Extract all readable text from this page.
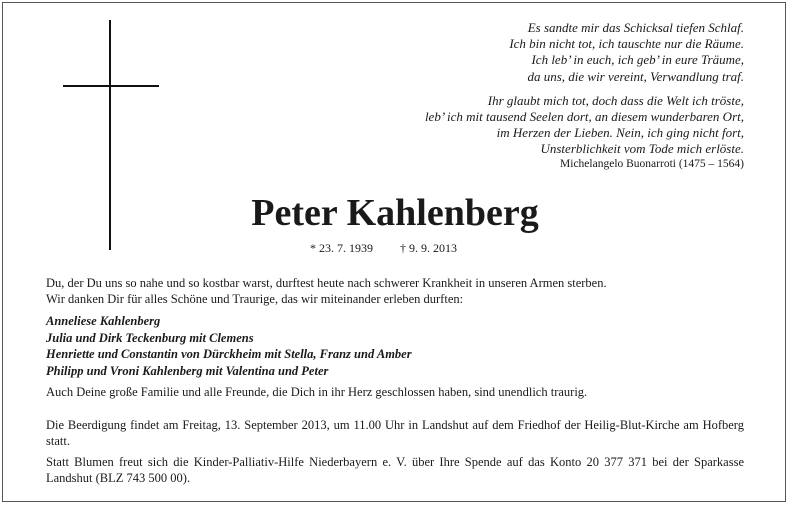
Es sandte mir das Schicksal tiefen Schlaf.
Ich bin nicht tot, ich tauschte nur die Räume.
Ich leb’ in euch, ich geb’ in eure Träume,
da uns, die wir vereint, Verwandlung traf.
Ihr glaubt mich tot, doch dass die Welt ich tröste,
leb’ ich mit tausend Seelen dort, an diesem wunderbaren Ort,
im Herzen der Lieben. Nein, ich ging nicht fort,
Unsterblichkeit vom Tode mich erlöste.
Michelangelo Buonarroti (1475 – 1564)
Peter Kahlenberg
* 23. 7. 1939 † 9. 9. 2013
Du, der Du uns so nahe und so kostbar warst, durftest heute nach schwerer Krankheit in unseren Armen sterben.
Wir danken Dir für alles Schöne und Traurige, das wir miteinander erleben durften:
Anneliese Kahlenberg
Julia und Dirk Teckenburg mit Clemens
Henriette und Constantin von Dürckheim mit Stella, Franz und Amber
Philipp und Vroni Kahlenberg mit Valentina und Peter
Auch Deine große Familie und alle Freunde, die Dich in ihr Herz geschlossen haben, sind unendlich traurig.
Die Beerdigung findet am Freitag, 13. September 2013, um 11.00 Uhr in Landshut auf dem Friedhof der Heilig-Blut-Kirche am Hofberg statt.
Statt Blumen freut sich die Kinder-Palliativ-Hilfe Niederbayern e. V. über Ihre Spende auf das Konto 20 377 371 bei der Sparkasse Landshut (BLZ 743 500 00).
